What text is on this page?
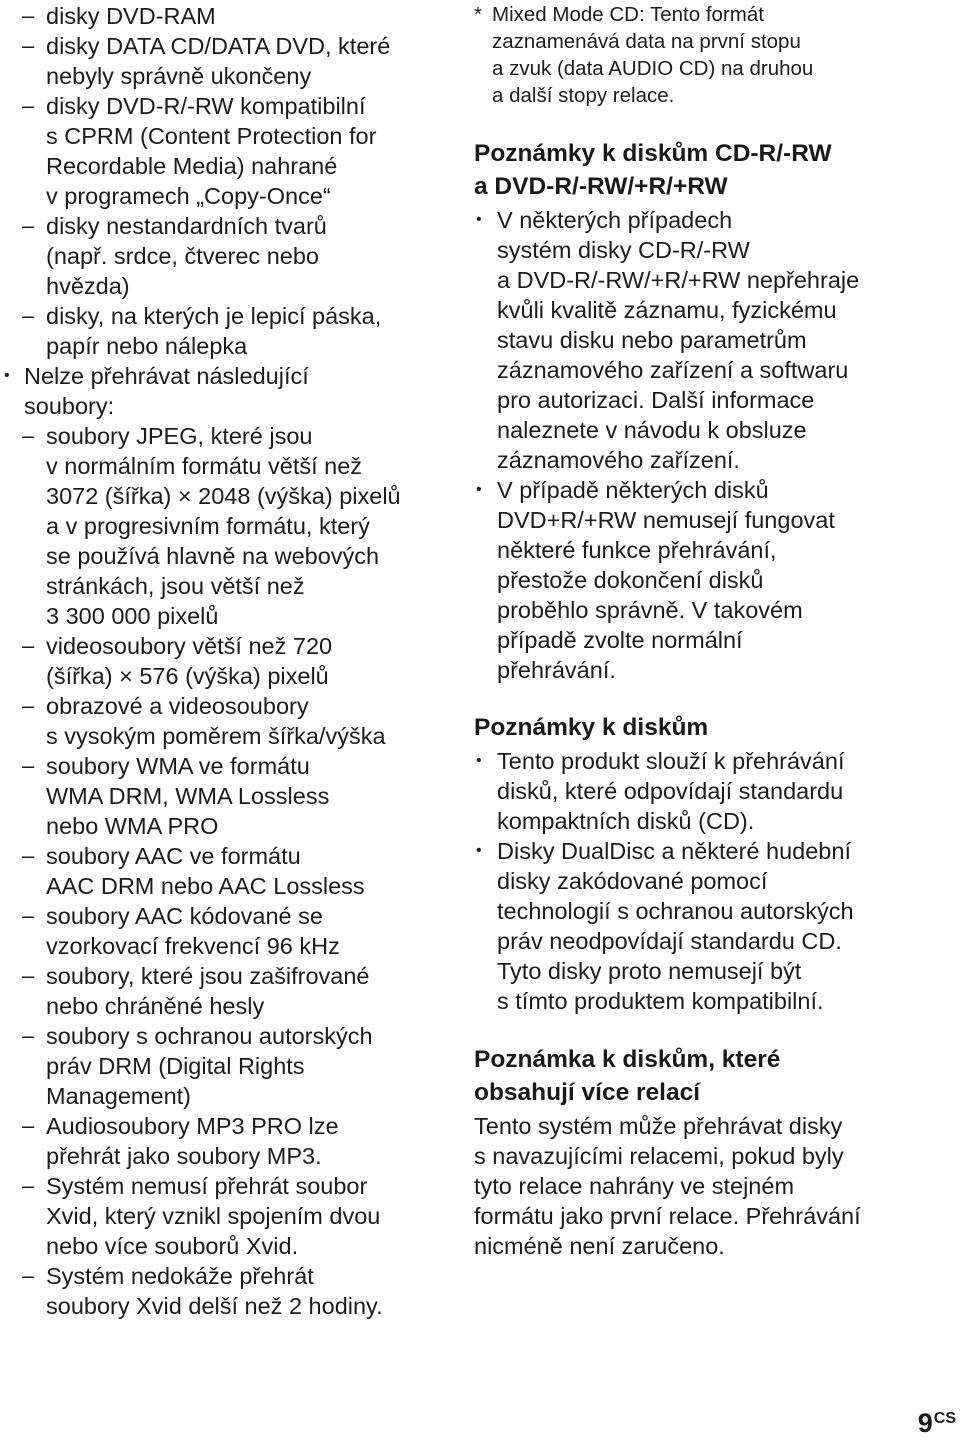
– disky DVD-RAM
– disky DATA CD/DATA DVD, které
nebyly správně ukončeny
– disky DVD-R/-RW kompatibilní
s CPRM (Content Protection for
Recordable Media) nahrané
v programech „Copy-Once“
– disky nestandardních tvarů
(např. srdce, čtverec nebo
hvězda)
– disky, na kterých je lepicí páska,
papír nebo nálepka
• Nelze přehrávat následující
soubory:
– soubory JPEG, které jsou
v normálním formátu větší než
3072 (šířka) × 2048 (výška) pixelů
a v progresivním formátu, který
se používá hlavně na webových
stránkách, jsou větší než
3 300 000 pixelů
– videosoubory větší než 720
(šířka) × 576 (výška) pixelů
– obrazové a videosoubory
s vysokým poměrem šířka/výška
– soubory WMA ve formátu
WMA DRM, WMA Lossless
nebo WMA PRO
– soubory AAC ve formátu
AAC DRM nebo AAC Lossless
– soubory AAC kódované se
vzorkovací frekvencí 96 kHz
– soubory, které jsou zašifrované
nebo chráněné hesly
– soubory s ochranou autorských
práv DRM (Digital Rights
Management)
– Audiosoubory MP3 PRO lze
přehrát jako soubory MP3.
– Systém nemusí přehrát soubor
Xvid, který vznikl spojením dvou
nebo více souborů Xvid.
– Systém nedokáže přehrát
soubory Xvid delší než 2 hodiny.
* Mixed Mode CD: Tento formát
zaznamenává data na první stopu
a zvuk (data AUDIO CD) na druhou
a další stopy relace.
Poznámky k diskům CD-R/-RW
a DVD-R/-RW/+R/+RW
• V některých případech
systém disky CD-R/-RW
a DVD-R/-RW/+R/+RW nepřehraje
kvůli kvalitě záznamu, fyzickému
stavu disku nebo parametrům
záznamového zařízení a softwaru
pro autorizaci. Další informace
naleznete v návodu k obsluze
záznamového zařízení.
• V případě některých disků
DVD+R/+RW nemusejí fungovat
některé funkce přehrávání,
přestože dokončení disků
proběhlo správně. V takovém
případě zvolte normální
přehrávání.
Poznámky k diskům
• Tento produkt slouží k přehrávání
disků, které odpovídají standardu
kompaktních disků (CD).
• Disky DualDisc a některé hudební
disky zakódované pomocí
technologií s ochranou autorských
práv neodpovídají standardu CD.
Tyto disky proto nemusejí být
s tímto produktem kompatibilní.
Poznámka k diskům, které
obsahují více relací
Tento systém může přehrávat disky
s navazujícími relacemi, pokud byly
tyto relace nahrány ve stejném
formátu jako první relace. Přehrávání
nicméně není zaručeno.
9CS
